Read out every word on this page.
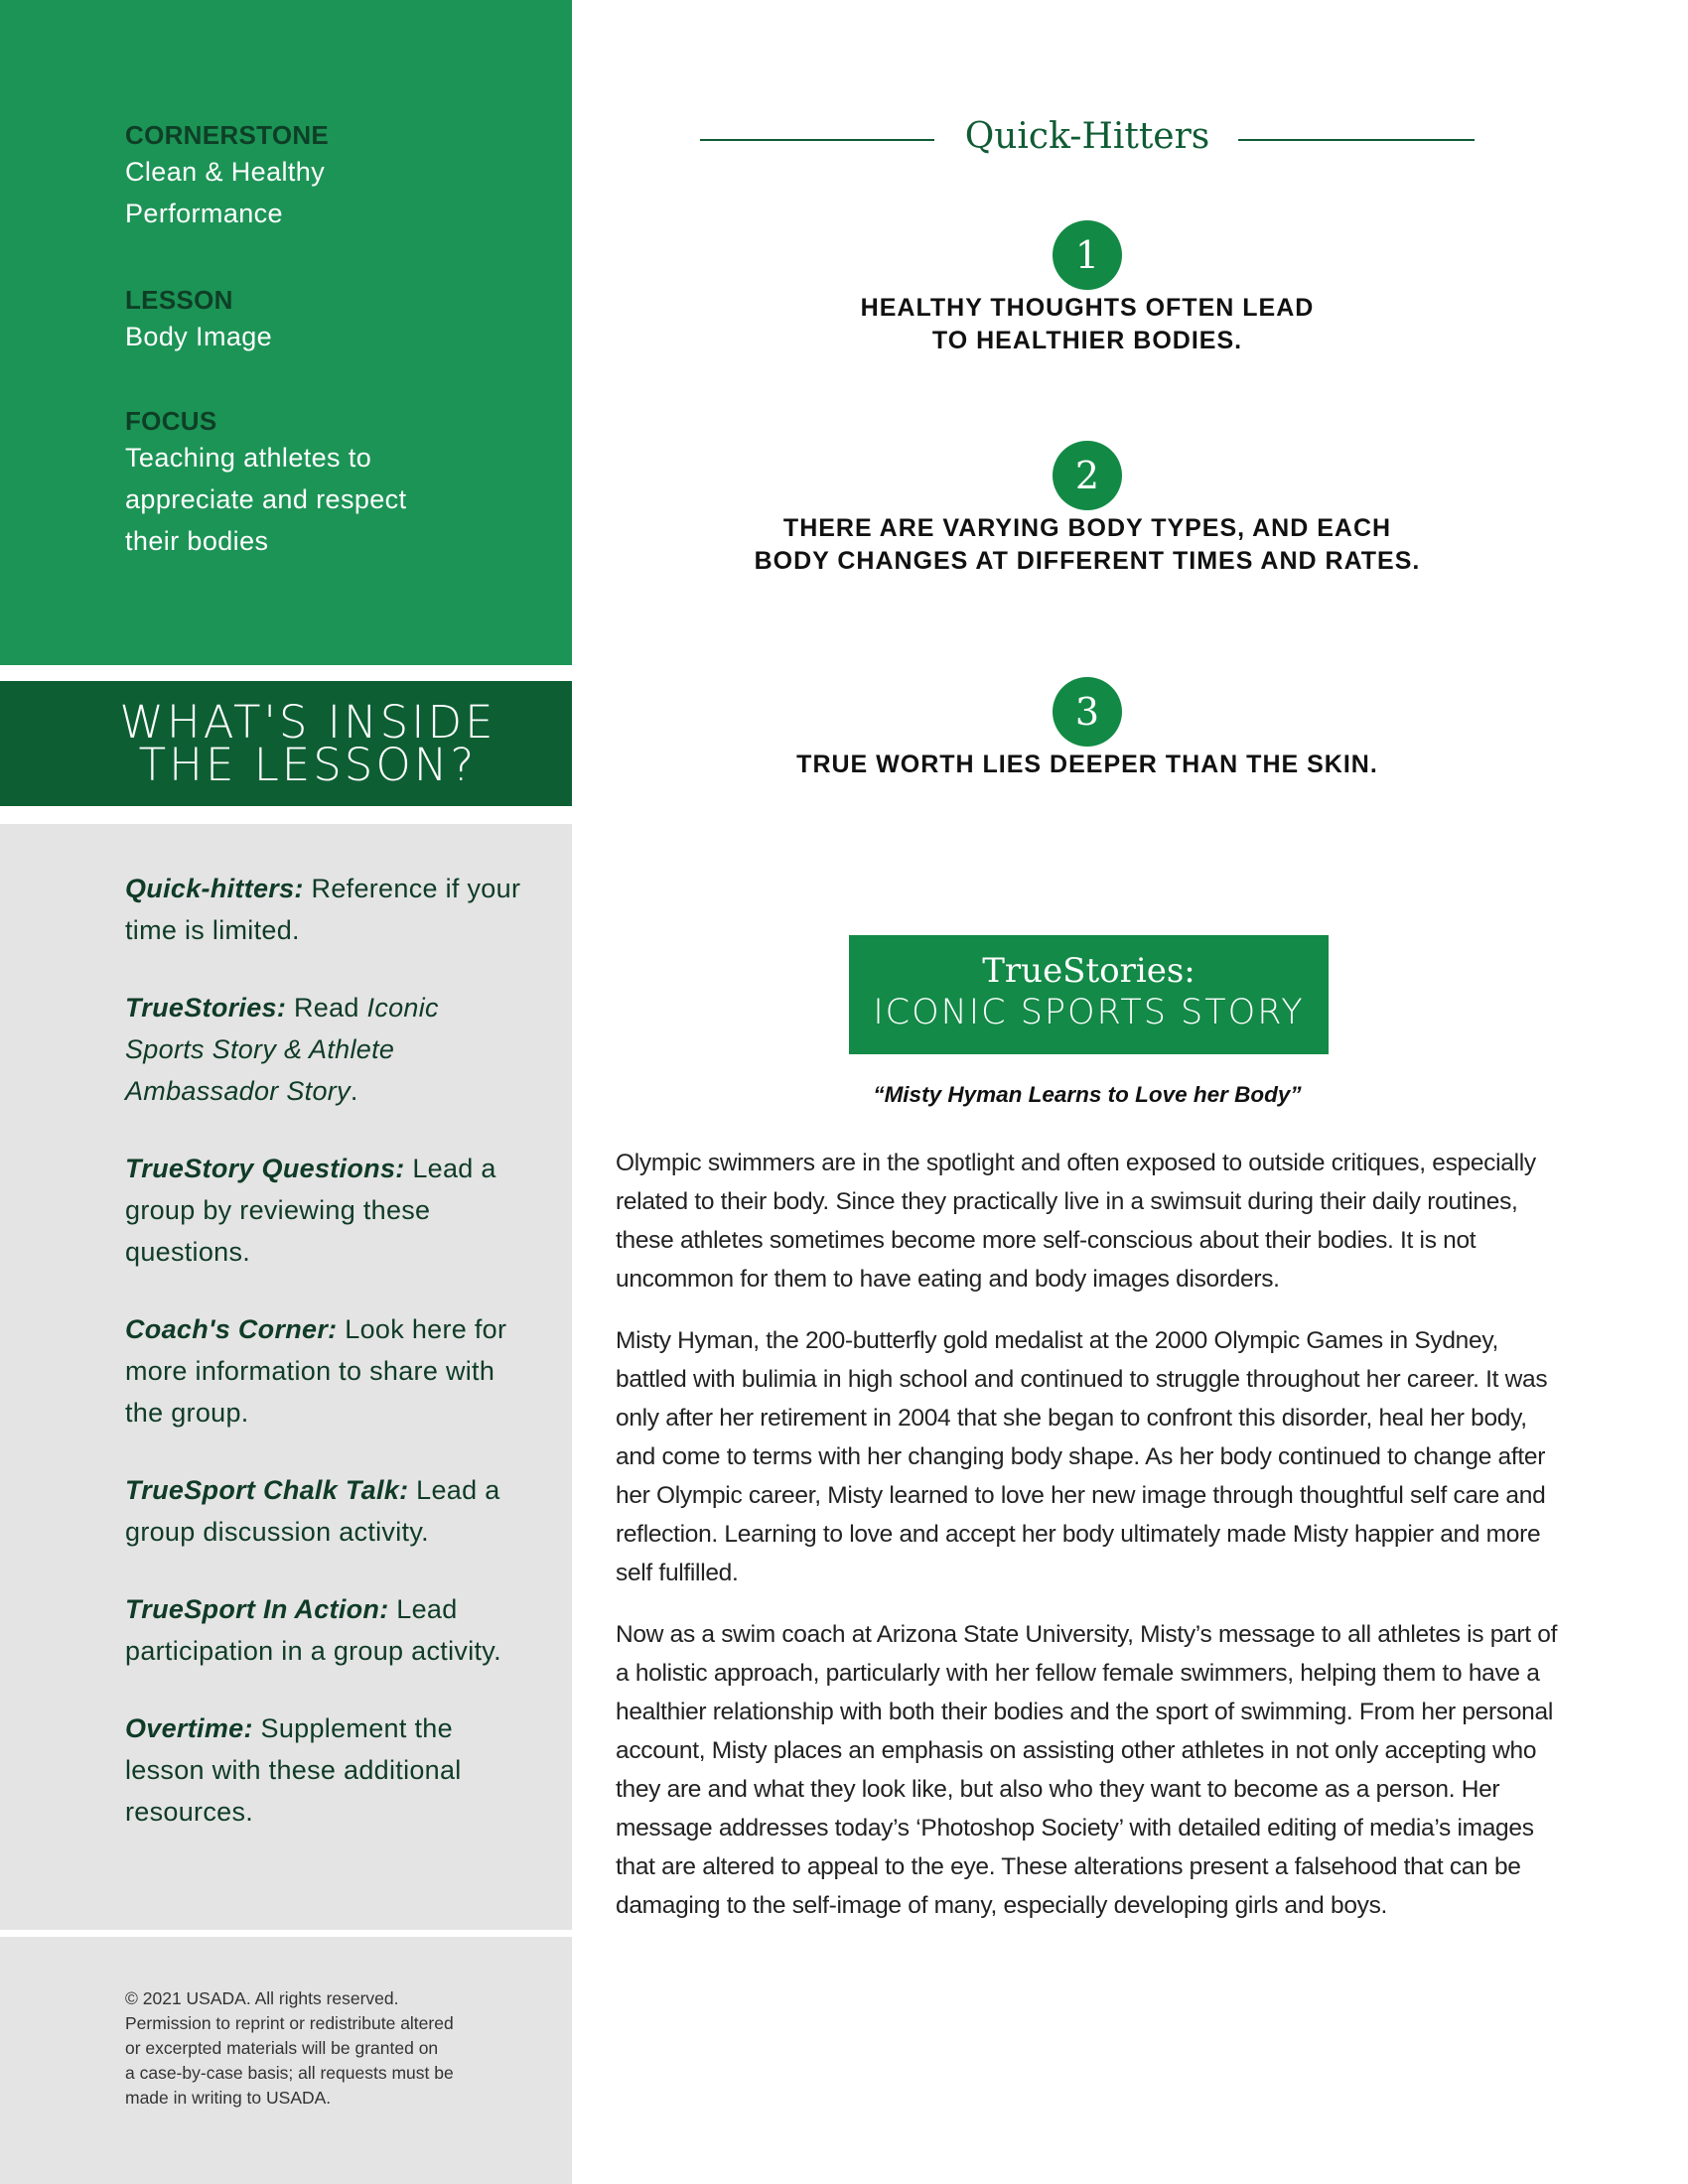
CORNERSTONE
Clean & Healthy
Performance
LESSON
Body Image
FOCUS
Teaching athletes to
appreciate and respect
their bodies
WHAT'S INSIDE
THE LESSON?
Quick-hitters: Reference if your time is limited.
TrueStories: Read Iconic Sports Story & Athlete Ambassador Story.
TrueStory Questions: Lead a group by reviewing these questions.
Coach's Corner: Look here for more information to share with the group.
TrueSport Chalk Talk: Lead a group discussion activity.
TrueSport In Action: Lead participation in a group activity.
Overtime: Supplement the lesson with these additional resources.
© 2021 USADA. All rights reserved.
Permission to reprint or redistribute altered
or excerpted materials will be granted on
a case-by-case basis; all requests must be
made in writing to USADA.
Quick-Hitters
1
HEALTHY THOUGHTS OFTEN LEAD
TO HEALTHIER BODIES.
2
THERE ARE VARYING BODY TYPES, AND EACH
BODY CHANGES AT DIFFERENT TIMES AND RATES.
3
TRUE WORTH LIES DEEPER THAN THE SKIN.
TrueStories:
ICONIC SPORTS STORY
“Misty Hyman Learns to Love her Body”

Olympic swimmers are in the spotlight and often exposed to outside critiques, especially related to their body. Since they practically live in a swimsuit during their daily routines, these athletes sometimes become more self-conscious about their bodies. It is not uncommon for them to have eating and body images disorders.

Misty Hyman, the 200-butterfly gold medalist at the 2000 Olympic Games in Sydney, battled with bulimia in high school and continued to struggle throughout her career. It was only after her retirement in 2004 that she began to confront this disorder, heal her body, and come to terms with her changing body shape. As her body continued to change after her Olympic career, Misty learned to love her new image through thoughtful self care and reflection. Learning to love and accept her body ultimately made Misty happier and more self fulfilled.

Now as a swim coach at Arizona State University, Misty’s message to all athletes is part of a holistic approach, particularly with her fellow female swimmers, helping them to have a healthier relationship with both their bodies and the sport of swimming. From her personal account, Misty places an emphasis on assisting other athletes in not only accepting who they are and what they look like, but also who they want to become as a person. Her message addresses today’s ‘Photoshop Society’ with detailed editing of media’s images that are altered to appeal to the eye. These alterations present a falsehood that can be damaging to the self-image of many, especially developing girls and boys.
